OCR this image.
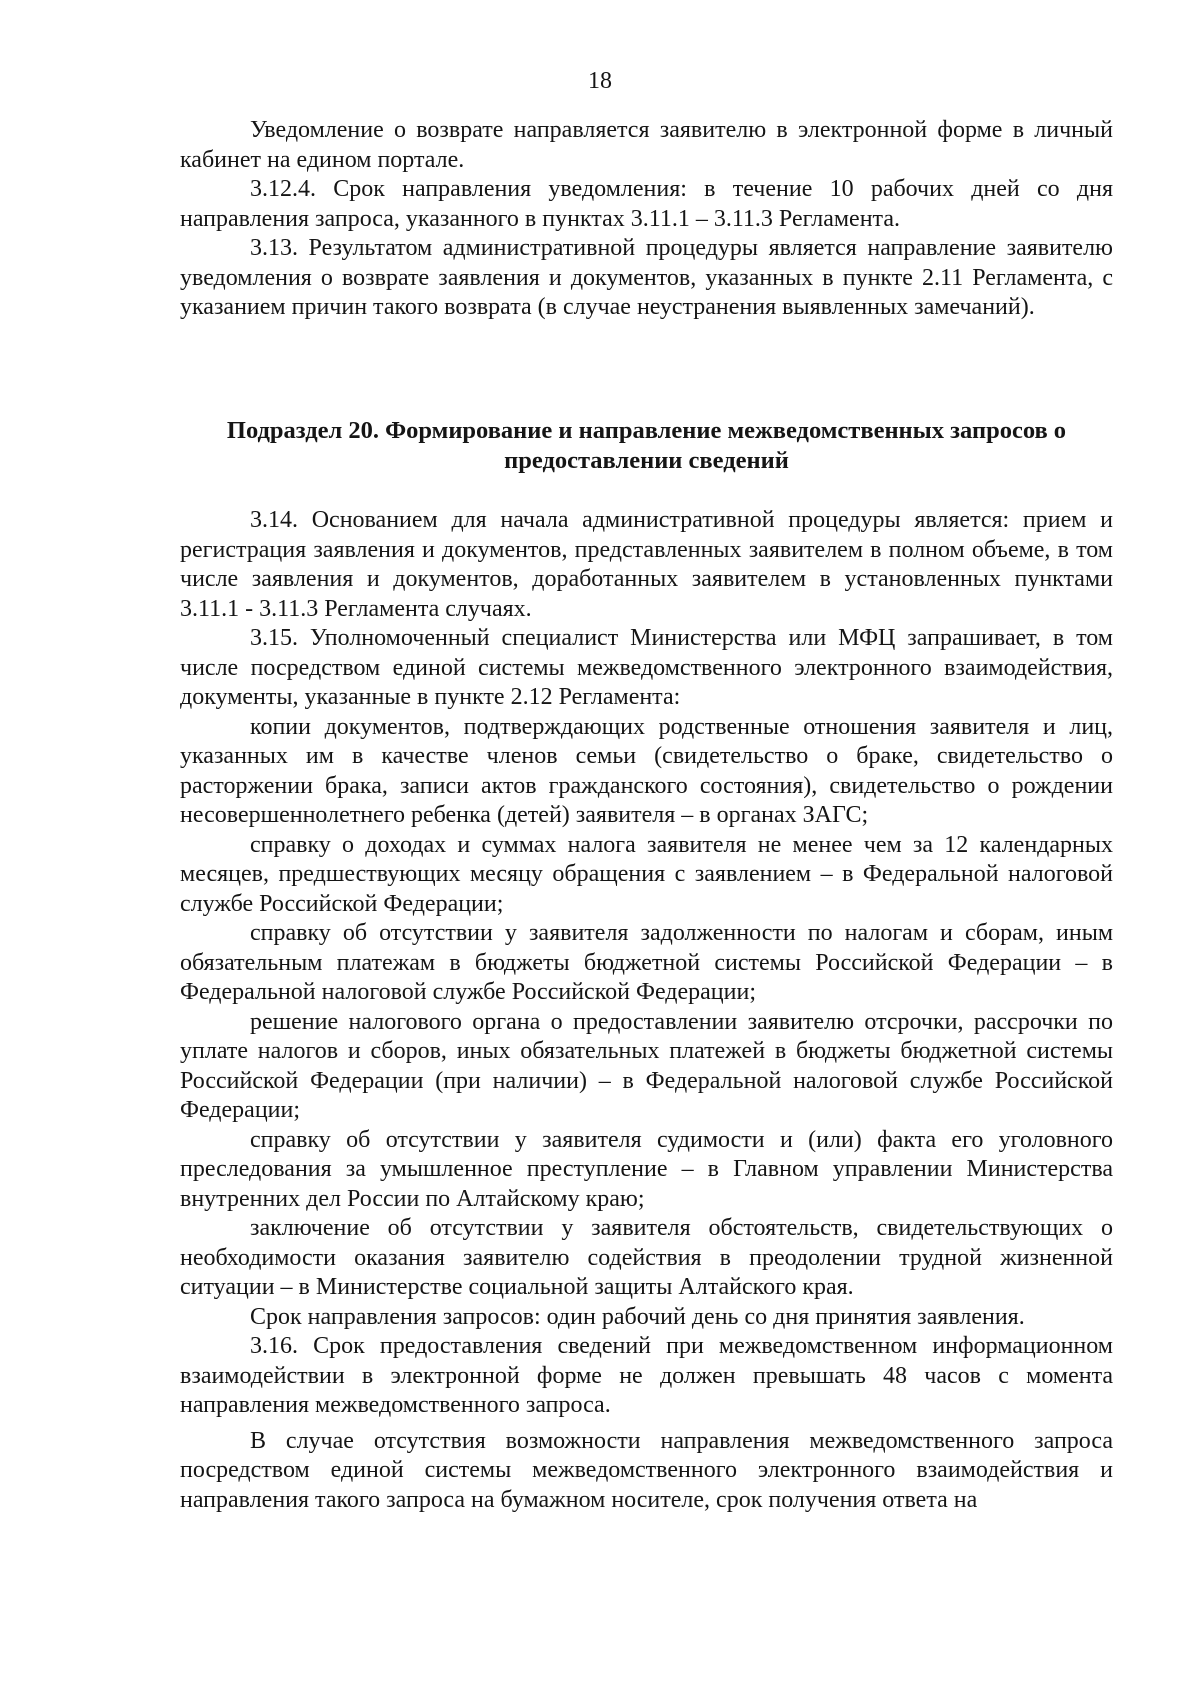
18

Уведомление о возврате направляется заявителю в электронной форме в личный кабинет на едином портале.

3.12.4. Срок направления уведомления: в течение 10 рабочих дней со дня направления запроса, указанного в пунктах 3.11.1 – 3.11.3 Регламента.

3.13. Результатом административной процедуры является направление заявителю уведомления о возврате заявления и документов, указанных в пункте 2.11 Регламента, с указанием причин такого возврата (в случае неустранения выявленных замечаний).

Подраздел 20. Формирование и направление межведомственных запросов о
предоставлении сведений

3.14. Основанием для начала административной процедуры является: прием и регистрация заявления и документов, представленных заявителем в полном объеме, в том числе заявления и документов, доработанных заявителем в установленных пунктами 3.11.1 - 3.11.3 Регламента случаях.

3.15. Уполномоченный специалист Министерства или МФЦ запрашивает, в том числе посредством единой системы межведомственного электронного взаимодействия, документы, указанные в пункте 2.12 Регламента:

копии документов, подтверждающих родственные отношения заявителя и лиц, указанных им в качестве членов семьи (свидетельство о браке, свидетельство о расторжении брака, записи актов гражданского состояния), свидетельство о рождении несовершеннолетнего ребенка (детей) заявителя – в органах ЗАГС;

справку о доходах и суммах налога заявителя не менее чем за 12 календарных месяцев, предшествующих месяцу обращения с заявлением – в Федеральной налоговой службе Российской Федерации;

справку об отсутствии у заявителя задолженности по налогам и сборам, иным обязательным платежам в бюджеты бюджетной системы Российской Федерации – в Федеральной налоговой службе Российской Федерации;

решение налогового органа о предоставлении заявителю отсрочки, рассрочки по уплате налогов и сборов, иных обязательных платежей в бюджеты бюджетной системы Российской Федерации (при наличии) – в Федеральной налоговой службе Российской Федерации;

справку об отсутствии у заявителя судимости и (или) факта его уголовного преследования за умышленное преступление – в Главном управлении Министерства внутренних дел России по Алтайскому краю;

заключение об отсутствии у заявителя обстоятельств, свидетельствующих о необходимости оказания заявителю содействия в преодолении трудной жизненной ситуации – в Министерстве социальной защиты Алтайского края.

Срок направления запросов: один рабочий день со дня принятия заявления.

3.16. Срок предоставления сведений при межведомственном информационном взаимодействии в электронной форме не должен превышать 48 часов с момента направления межведомственного запроса.

В случае отсутствия возможности направления межведомственного запроса посредством единой системы межведомственного электронного взаимодействия и направления такого запроса на бумажном носителе, срок получения ответа на
